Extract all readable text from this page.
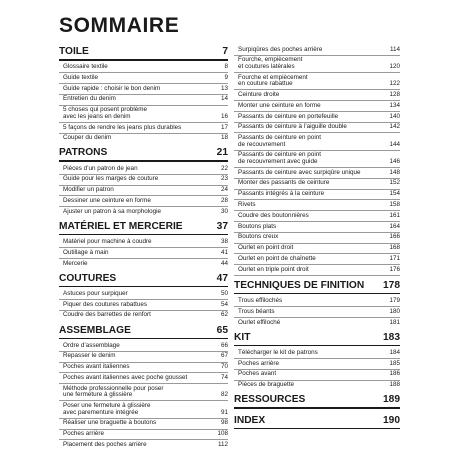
SOMMAIRE
TOILE	7
Glossaire textile	8
Guide textile	9
Guide rapide : choisir le bon denim	13
Entretien du denim	14
5 choses qui posent problème
avec les jeans en denim	16
5 façons de rendre les jeans plus durables	17
Couper du denim	18
PATRONS	21
Pièces d’un patron de jean	22
Guide pour les marges de couture	23
Modifier un patron	24
Dessiner une ceinture en forme	28
Ajuster un patron à sa morphologie	30
MATÉRIEL ET MERCERIE	37
Matériel pour machine à coudre	38
Outillage à main	41
Mercerie	44
COUTURES	47
Astuces pour surpiquer	50
Piquer des coutures rabattues	54
Coudre des barrettes de renfort	62
ASSEMBLAGE	65
Ordre d’assemblage	66
Repasser le denim	67
Poches avant italiennes	70
Poches avant italiennes avec poche gousset	74
Méthode professionnelle pour poser
une fermeture à glissière	82
Poser une fermeture à glissière
avec parementure intégrée	91
Réaliser une braguette à boutons	98
Poches arrière	108
Placement des poches arrière	112
Surpiqûres des poches arrière	114
Fourche, empiècement
et coutures latérales	120
Fourche et empiècement
en couture rabattue	122
Ceinture droite	128
Monter une ceinture en forme	134
Passants de ceinture en portefeuille	140
Passants de ceinture à l’aiguille double	142
Passants de ceinture en point
de recouvrement	144
Passants de ceinture en point
de recouvrement avec guide	146
Passants de ceinture avec surpiqûre unique	148
Monter des passants de ceinture	152
Passants intégrés à la ceinture	154
Rivets	158
Coudre des boutonnières	161
Boutons plats	164
Boutons creux	166
Ourlet en point droit	168
Ourlet en point de chaînette	171
Ourlet en triple point droit	176
TECHNIQUES DE FINITION 178
Trous effilochés	179
Trous béants	180
Ourlet effiloché	181
KIT	183
Télécharger le kit de patrons	184
Poches arrière	185
Poches avant	186
Pièces de braguette	188
RESSOURCES	189
INDEX	190
